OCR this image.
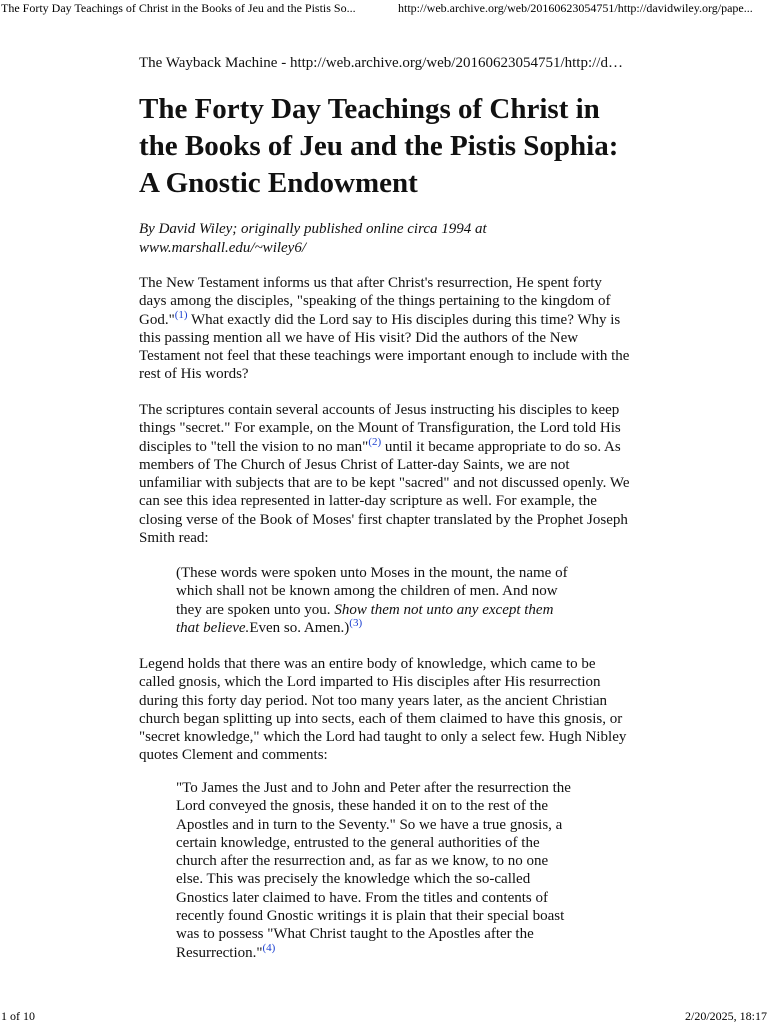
The Forty Day Teachings of Christ in the Books of Jeu and the Pistis So...	http://web.archive.org/web/20160623054751/http://davidwiley.org/pape...
The Wayback Machine - http://web.archive.org/web/20160623054751/http://d…
The Forty Day Teachings of Christ in the Books of Jeu and the Pistis Sophia: A Gnostic Endowment

By David Wiley; originally published online circa 1994 at www.marshall.edu/~wiley6/

The New Testament informs us that after Christ's resurrection, He spent forty days among the disciples, "speaking of the things pertaining to the kingdom of God."$^{(1)}$ What exactly did the Lord say to His disciples during this time? Why is this passing mention all we have of His visit? Did the authors of the New Testament not feel that these teachings were important enough to include with the rest of His words?

The scriptures contain several accounts of Jesus instructing his disciples to keep things "secret." For example, on the Mount of Transfiguration, the Lord told His disciples to "tell the vision to no man"$^{(2)}$ until it became appropriate to do so. As members of The Church of Jesus Christ of Latter-day Saints, we are not unfamiliar with subjects that are to be kept "sacred" and not discussed openly. We can see this idea represented in latter-day scripture as well. For example, the closing verse of the Book of Moses' first chapter translated by the Prophet Joseph Smith read:

(These words were spoken unto Moses in the mount, the name of which shall not be known among the children of men. And now they are spoken unto you. Show them not unto any except them that believe.Even so. Amen.)$^{(3)}$

Legend holds that there was an entire body of knowledge, which came to be called gnosis, which the Lord imparted to His disciples after His resurrection during this forty day period. Not too many years later, as the ancient Christian church began splitting up into sects, each of them claimed to have this gnosis, or "secret knowledge," which the Lord had taught to only a select few. Hugh Nibley quotes Clement and comments:

"To James the Just and to John and Peter after the resurrection the Lord conveyed the gnosis, these handed it on to the rest of the Apostles and in turn to the Seventy." So we have a true gnosis, a certain knowledge, entrusted to the general authorities of the church after the resurrection and, as far as we know, to no one else. This was precisely the knowledge which the so-called Gnostics later claimed to have. From the titles and contents of recently found Gnostic writings it is plain that their special boast was to possess "What Christ taught to the Apostles after the Resurrection."$^{(4)}$
1 of 10	2/20/2025, 18:17
